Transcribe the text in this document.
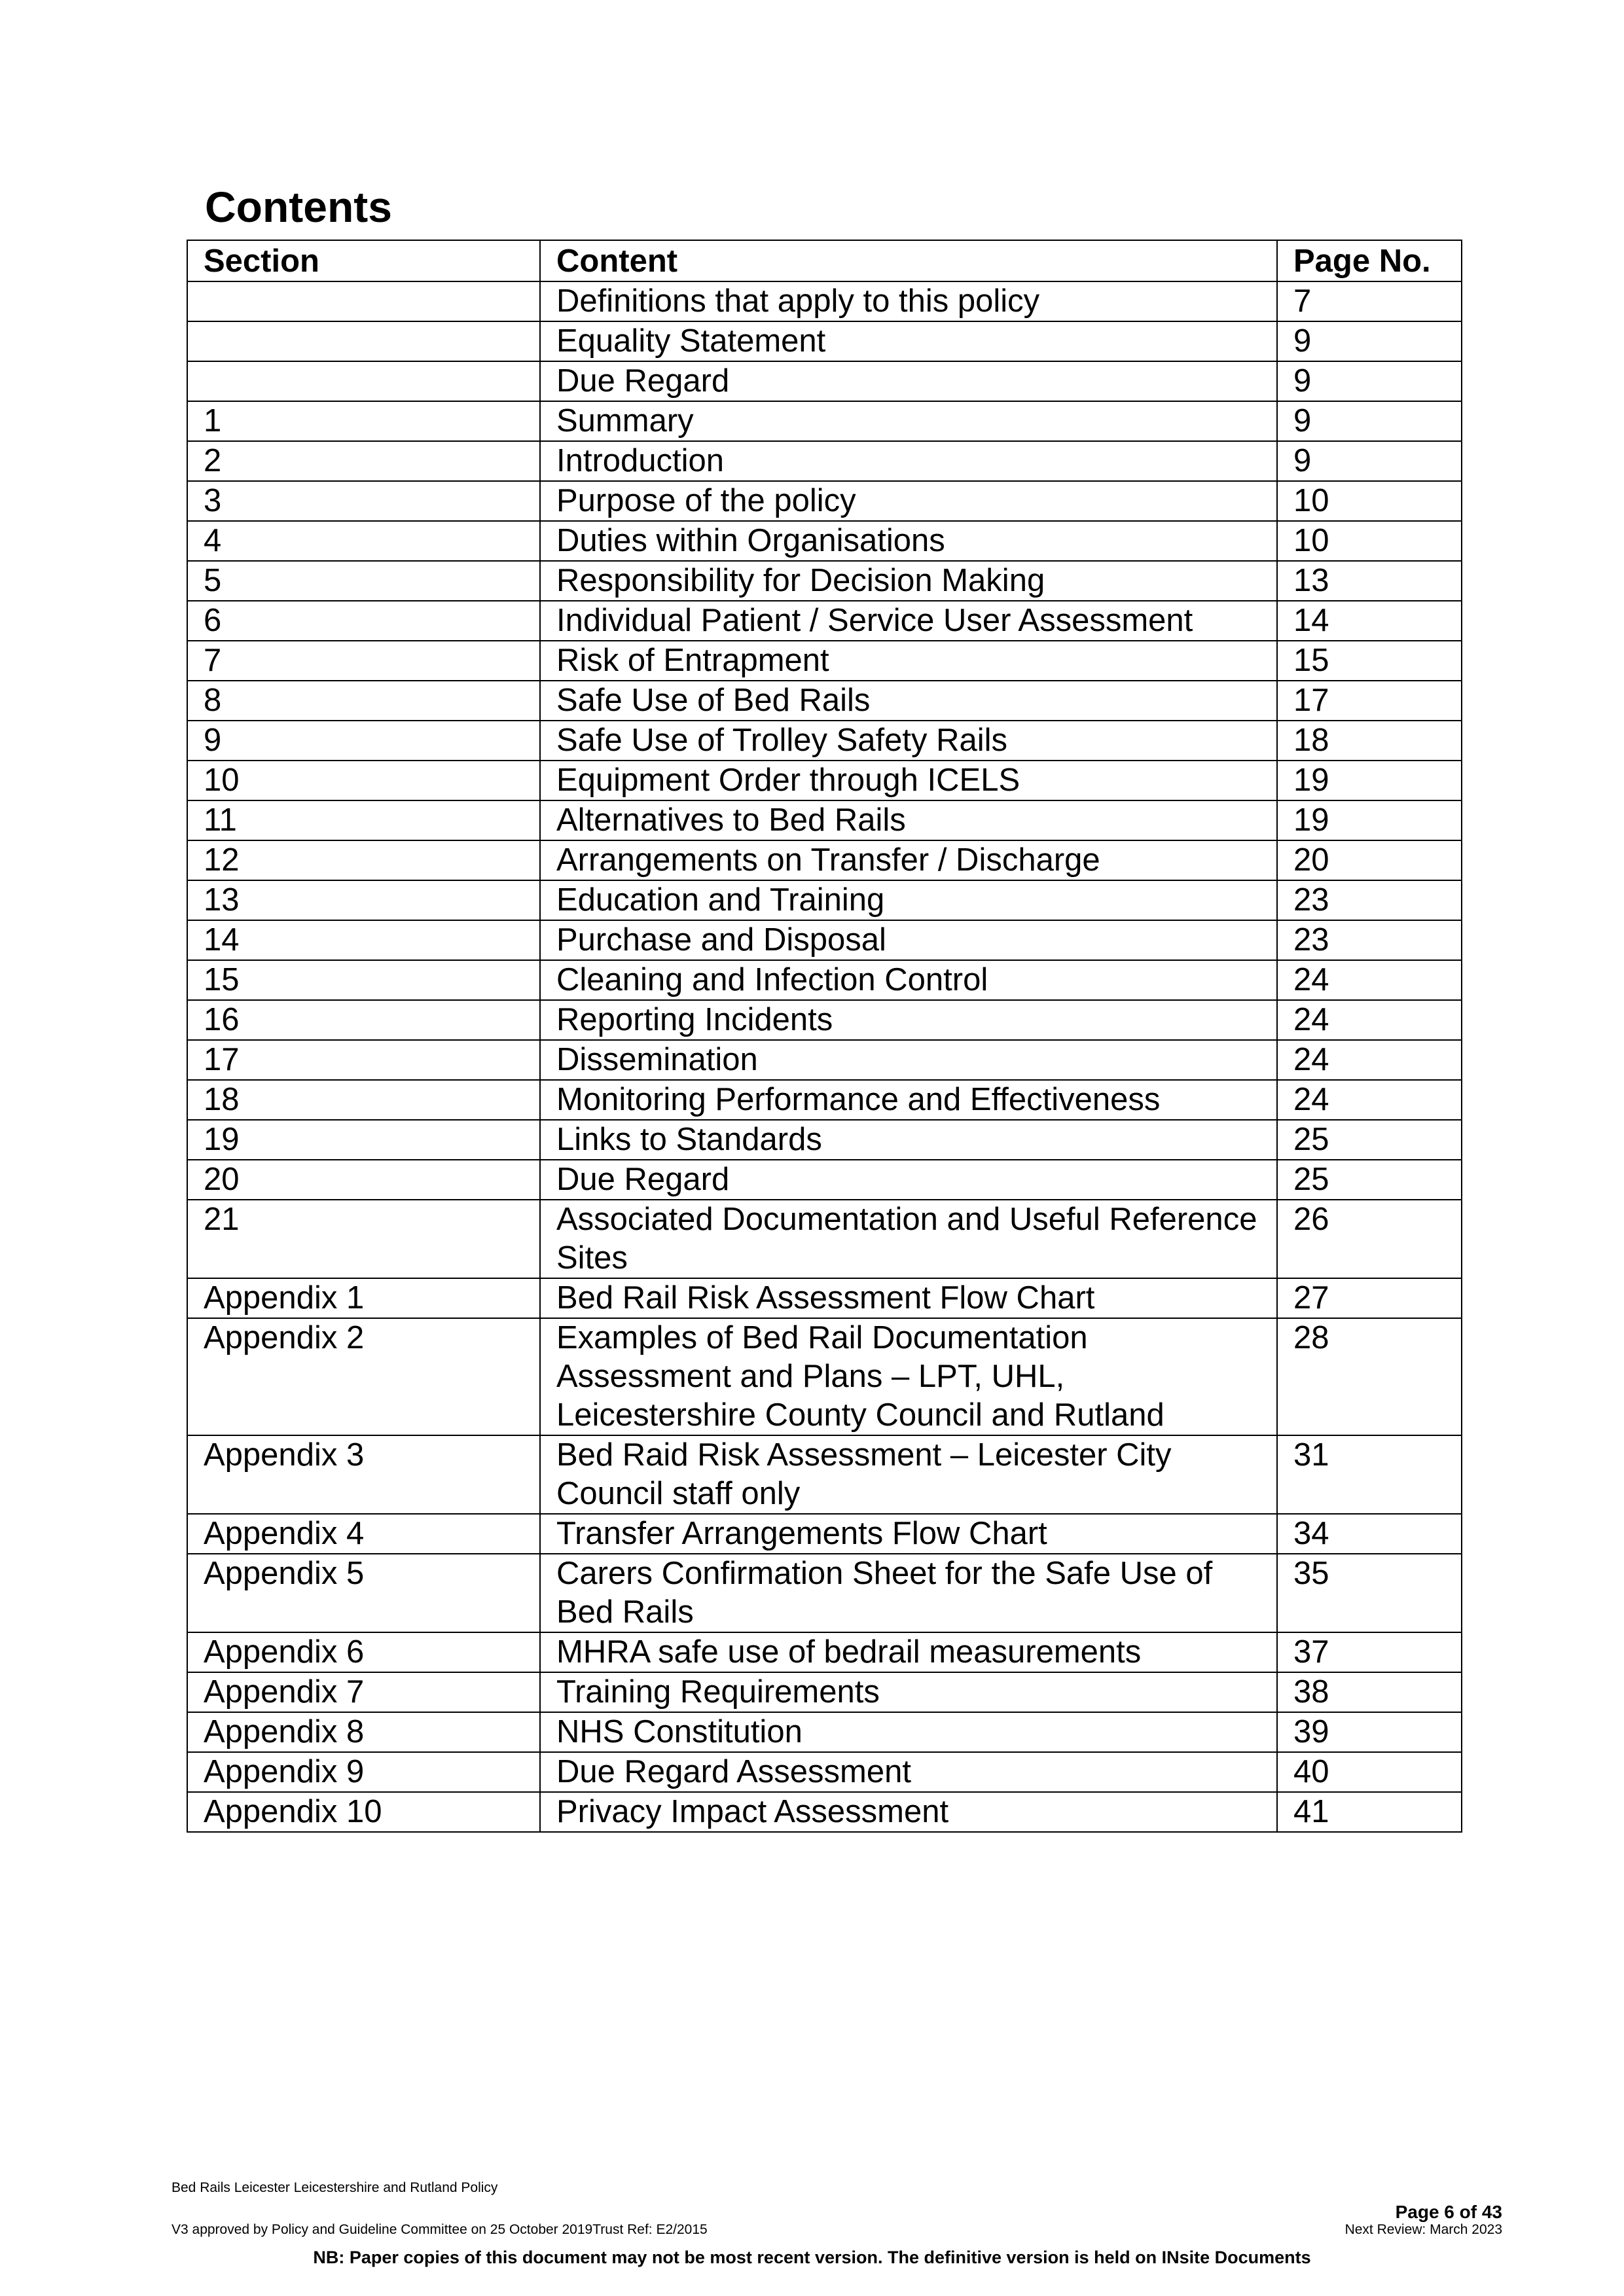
Contents
Section	Content	Page No.
	Definitions that apply to this policy	7
	Equality Statement	9
	Due Regard	9
1	Summary	9
2	Introduction	9
3	Purpose of the policy	10
4	Duties within Organisations	10
5	Responsibility for Decision Making	13
6	Individual Patient / Service User Assessment	14
7	Risk of Entrapment	15
8	Safe Use of Bed Rails	17
9	Safe Use of Trolley Safety Rails	18
10	Equipment Order through ICELS	19
11	Alternatives to Bed Rails	19
12	Arrangements on Transfer / Discharge	20
13	Education and Training	23
14	Purchase and Disposal	23
15	Cleaning and Infection Control	24
16	Reporting Incidents	24
17	Dissemination	24
18	Monitoring Performance and Effectiveness	24
19	Links to Standards	25
20	Due Regard	25
21	Associated Documentation and Useful Reference Sites	26
Appendix 1	Bed Rail Risk Assessment Flow Chart	27
Appendix 2	Examples of Bed Rail Documentation Assessment and Plans – LPT, UHL, Leicestershire County Council and Rutland	28
Appendix 3	Bed Raid Risk Assessment – Leicester City Council staff only	31
Appendix 4	Transfer Arrangements Flow Chart	34
Appendix 5	Carers Confirmation Sheet for the Safe Use of Bed Rails	35
Appendix 6	MHRA safe use of bedrail measurements	37
Appendix 7	Training Requirements	38
Appendix 8	NHS Constitution	39
Appendix 9	Due Regard Assessment	40
Appendix 10	Privacy Impact Assessment	41
Bed Rails Leicester Leicestershire and Rutland Policy
Page 6 of 43
V3 approved by Policy and Guideline Committee on 25 October 2019Trust Ref: E2/2015	Next Review: March 2023
NB: Paper copies of this document may not be most recent version. The definitive version is held on INsite Documents
